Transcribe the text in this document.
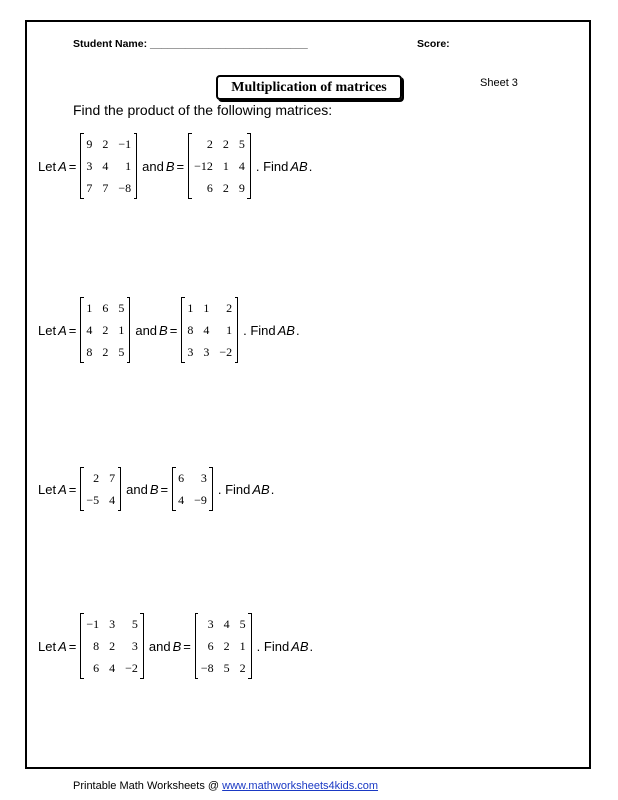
Student Name: ___________________________	Score:
Multiplication of matrices	Sheet 3
Find the product of the following matrices:
Let A =
9	2	−1
3	4	1
7	7	−8

and B =
2	2	5
−12	1	4
6	2	9

. Find AB .
Let A =
1	6	5
4	2	1
8	2	5

and B =
1	1	2
8	4	1
3	3	−2

. Find AB .
Let A =
2	7
−5	4

and B =
6	3
4	−9

. Find AB .
Let A =
−1	3	5
8	2	3
6	4	−2

and B =
3	4	5
6	2	1
−8	5	2

. Find AB .
Printable Math Worksheets @ www.mathworksheets4kids.com
